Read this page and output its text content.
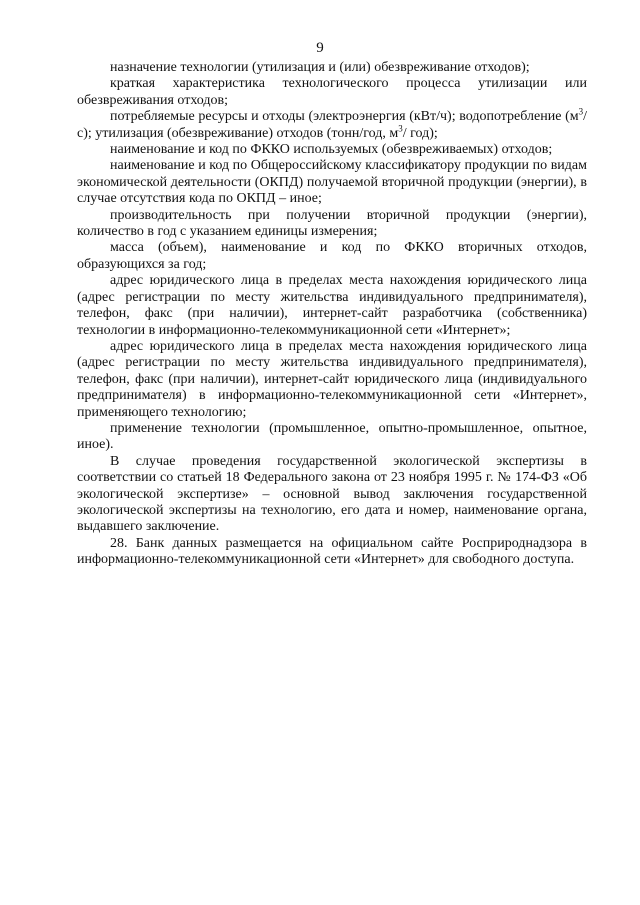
9

назначение технологии (утилизация и (или) обезвреживание отходов);

краткая характеристика технологического процесса утилизации или обезвреживания отходов;

потребляемые ресурсы и отходы (электроэнергия (кВт/ч); водопотребление $(м^3/с)$; утилизация (обезвреживание) отходов (тонн/год, $м^3/$ год);

наименование и код по ФККО используемых (обезвреживаемых) отходов;

наименование и код по Общероссийскому классификатору продукции по видам экономической деятельности (ОКПД) получаемой вторичной продукции (энергии), в случае отсутствия кода по ОКПД – иное;

производительность при получении вторичной продукции (энергии), количество в год с указанием единицы измерения;

масса (объем), наименование и код по ФККО вторичных отходов, образующихся за год;

адрес юридического лица в пределах места нахождения юридического лица (адрес регистрации по месту жительства индивидуального предпринимателя), телефон, факс (при наличии), интернет-сайт разработчика (собственника) технологии в информационно-телекоммуникационной сети «Интернет»;

адрес юридического лица в пределах места нахождения юридического лица (адрес регистрации по месту жительства индивидуального предпринимателя), телефон, факс (при наличии), интернет-сайт юридического лица (индивидуального предпринимателя) в информационно-телекоммуникационной сети «Интернет», применяющего технологию;

применение технологии (промышленное, опытно-промышленное, опытное, иное).

В случае проведения государственной экологической экспертизы в соответствии со статьей 18 Федерального закона от 23 ноября 1995 г. № 174-ФЗ «Об экологической экспертизе» – основной вывод заключения государственной экологической экспертизы на технологию, его дата и номер, наименование органа, выдавшего заключение.

28. Банк данных размещается на официальном сайте Росприроднадзора в информационно-телекоммуникационной сети «Интернет» для свободного доступа.
